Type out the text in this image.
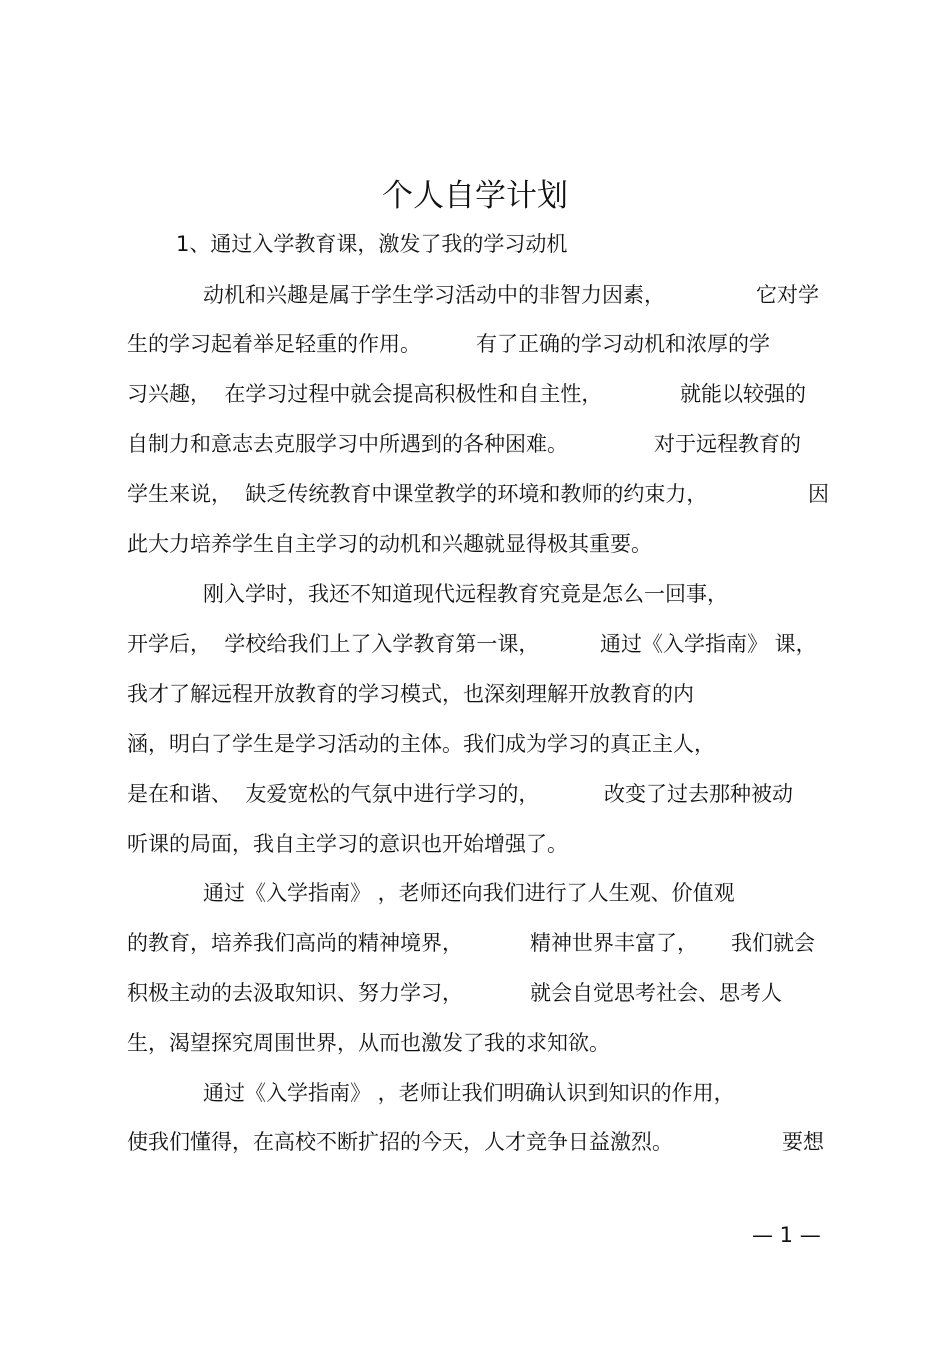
个人自学计划
1、通过入学教育课，激发了我的学习动机
动机和兴趣是属于学生学习活动中的非智力因素，	它对学
生的学习起着举足轻重的作用。	有了正确的学习动机和浓厚的学
习兴趣，  在学习过程中就会提高积极性和自主性，	就能以较强的
自制力和意志去克服学习中所遇到的各种困难。	对于远程教育的
学生来说，  缺乏传统教育中课堂教学的环境和教师的约束力，	因
此大力培养学生自主学习的动机和兴趣就显得极其重要。
刚入学时，我还不知道现代远程教育究竟是怎么一回事，
开学后，  学校给我们上了入学教育第一课，	通过《入学指南》 课，
我才了解远程开放教育的学习模式，也深刻理解开放教育的内
涵，明白了学生是学习活动的主体。我们成为学习的真正主人，
是在和谐、  友爱宽松的气氛中进行学习的，	改变了过去那种被动
听课的局面，我自主学习的意识也开始增强了。
通过《入学指南》 ，老师还向我们进行了人生观、价值观
的教育，培养我们高尚的精神境界，	精神世界丰富了， 我们就会
积极主动的去汲取知识、努力学习，	就会自觉思考社会、思考人
生，渴望探究周围世界，从而也激发了我的求知欲。
通过《入学指南》 ，老师让我们明确认识到知识的作用，
使我们懂得，在高校不断扩招的今天，人才竞争日益激烈。	要想
— 1 —
